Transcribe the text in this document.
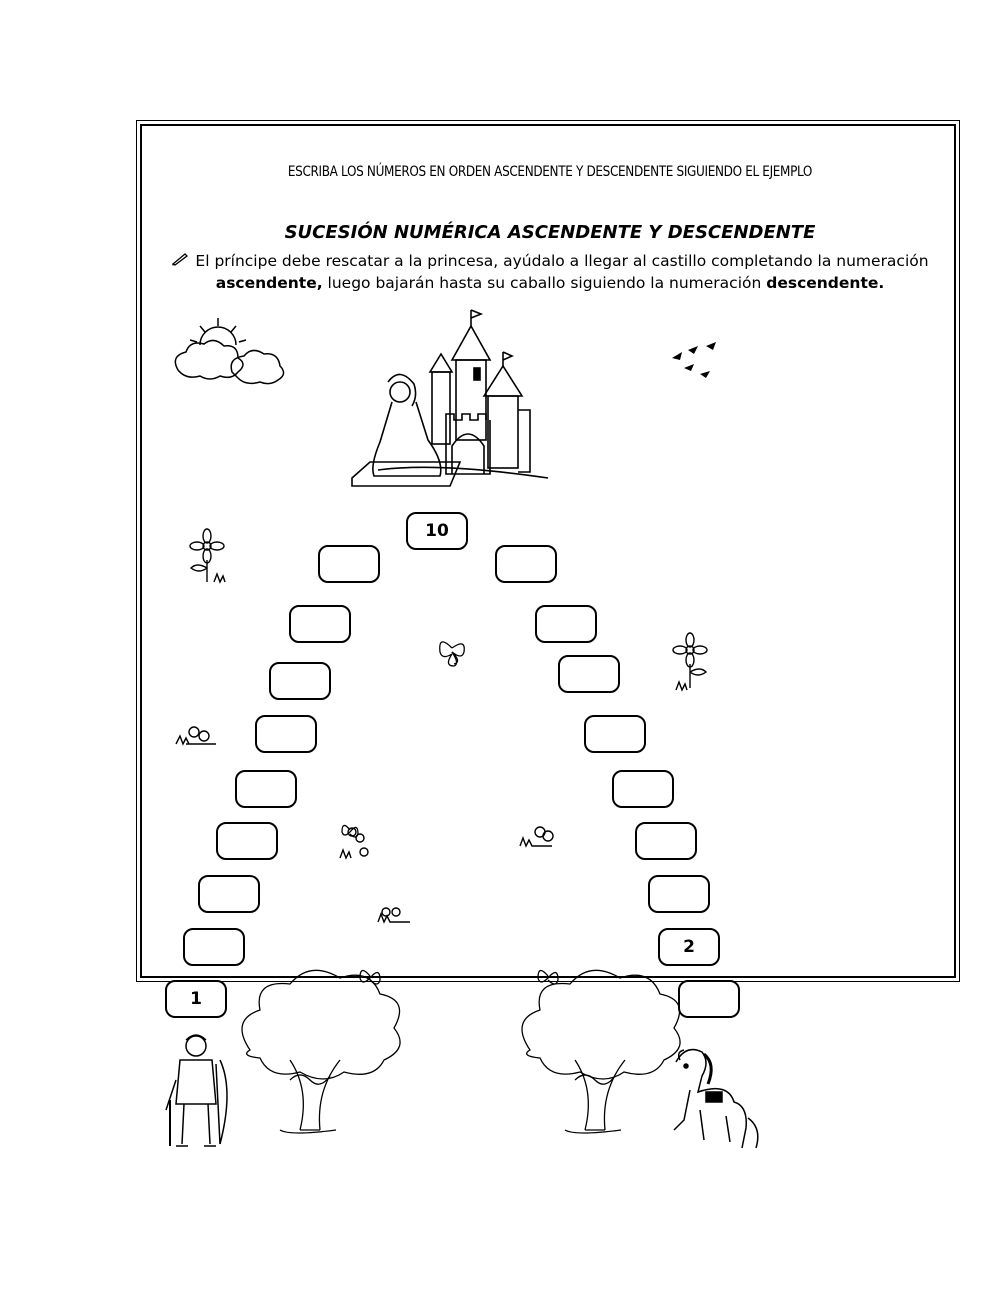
ESCRIBA LOS NÚMEROS EN ORDEN ASCENDENTE Y DESCENDENTE SIGUIENDO EL EJEMPLO
SUCESIÓN NUMÉRICA ASCENDENTE Y DESCENDENTE
El príncipe debe rescatar a la princesa, ayúdalo a llegar al castillo completando la numeración ascendente, luego bajarán hasta su caballo siguiendo la numeración descendente.
10
1
2
